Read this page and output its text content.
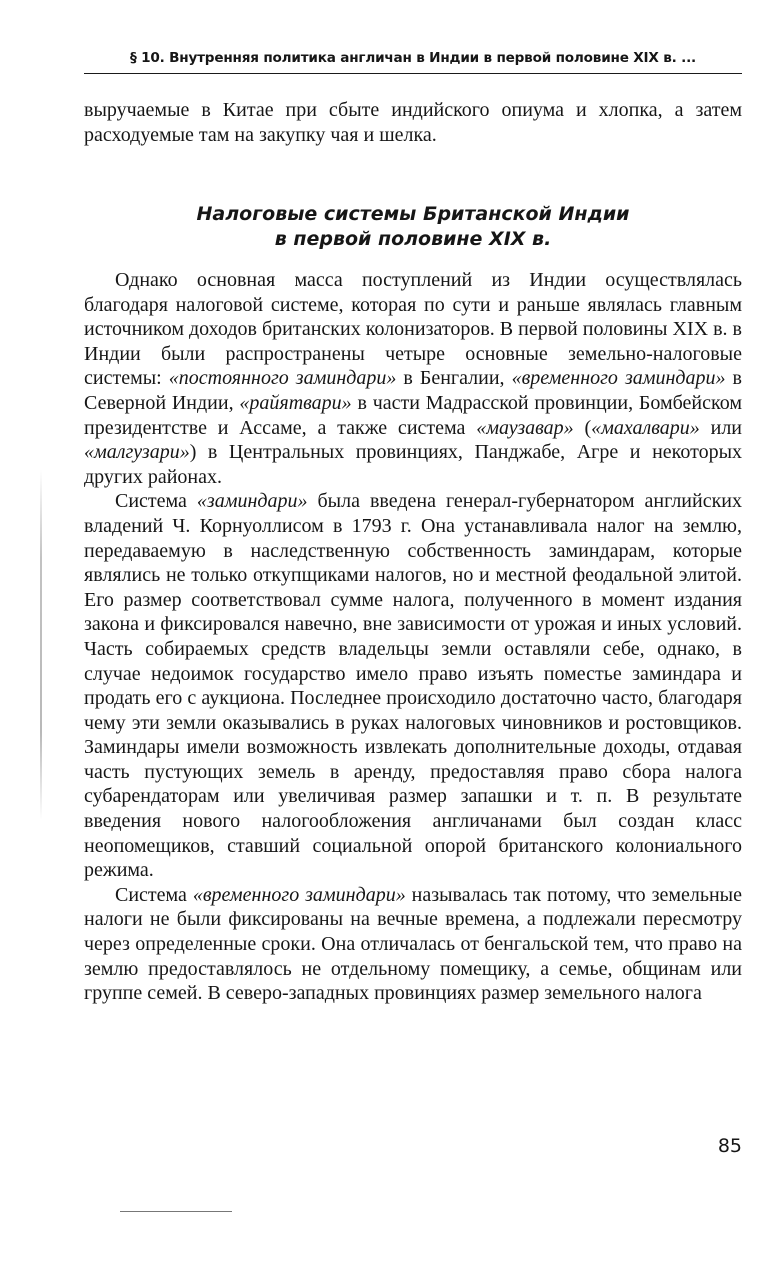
§ 10. Внутренняя политика англичан в Индии в первой половине XIX в. ...

выручаемые в Китае при сбыте индийского опиума и хлопка, а затем расходуемые там на закупку чая и шелка.

Налоговые системы Британской Индии
в первой половине XIX в.

Однако основная масса поступлений из Индии осуществлялась благодаря налоговой системе, которая по сути и раньше являлась главным источником доходов британских колонизаторов. В первой половины XIX в. в Индии были распространены четыре основные земельно-налоговые системы: «постоянного заминдари» в Бенгалии, «временного заминдари» в Северной Индии, «райятвари» в части Мадрасской провинции, Бомбейском президентстве и Ассаме, а также система «маузавар» («махалвари» или «малгузари») в Центральных провинциях, Панджабе, Агре и некоторых других районах.

Система «заминдари» была введена генерал-губернатором английских владений Ч. Корнуоллисом в 1793 г. Она устанавливала налог на землю, передаваемую в наследственную собственность заминдарам, которые являлись не только откупщиками налогов, но и местной феодальной элитой. Его размер соответствовал сумме налога, полученного в момент издания закона и фиксировался навечно, вне зависимости от урожая и иных условий. Часть собираемых средств владельцы земли оставляли себе, однако, в случае недоимок государство имело право изъять поместье заминдара и продать его с аукциона. Последнее происходило достаточно часто, благодаря чему эти земли оказывались в руках налоговых чиновников и ростовщиков. Заминдары имели возможность извлекать дополнительные доходы, отдавая часть пустующих земель в аренду, предоставляя право сбора налога субарендаторам или увеличивая размер запашки и т. п. В результате введения нового налогообложения англичанами был создан класс неопомещиков, ставший социальной опорой британского колониального режима.

Система «временного заминдари» называлась так потому, что земельные налоги не были фиксированы на вечные времена, а подлежали пересмотру через определенные сроки. Она отличалась от бенгальской тем, что право на землю предоставлялось не отдельному помещику, а семье, общинам или группе семей. В северо-западных провинциях размер земельного налога

85
